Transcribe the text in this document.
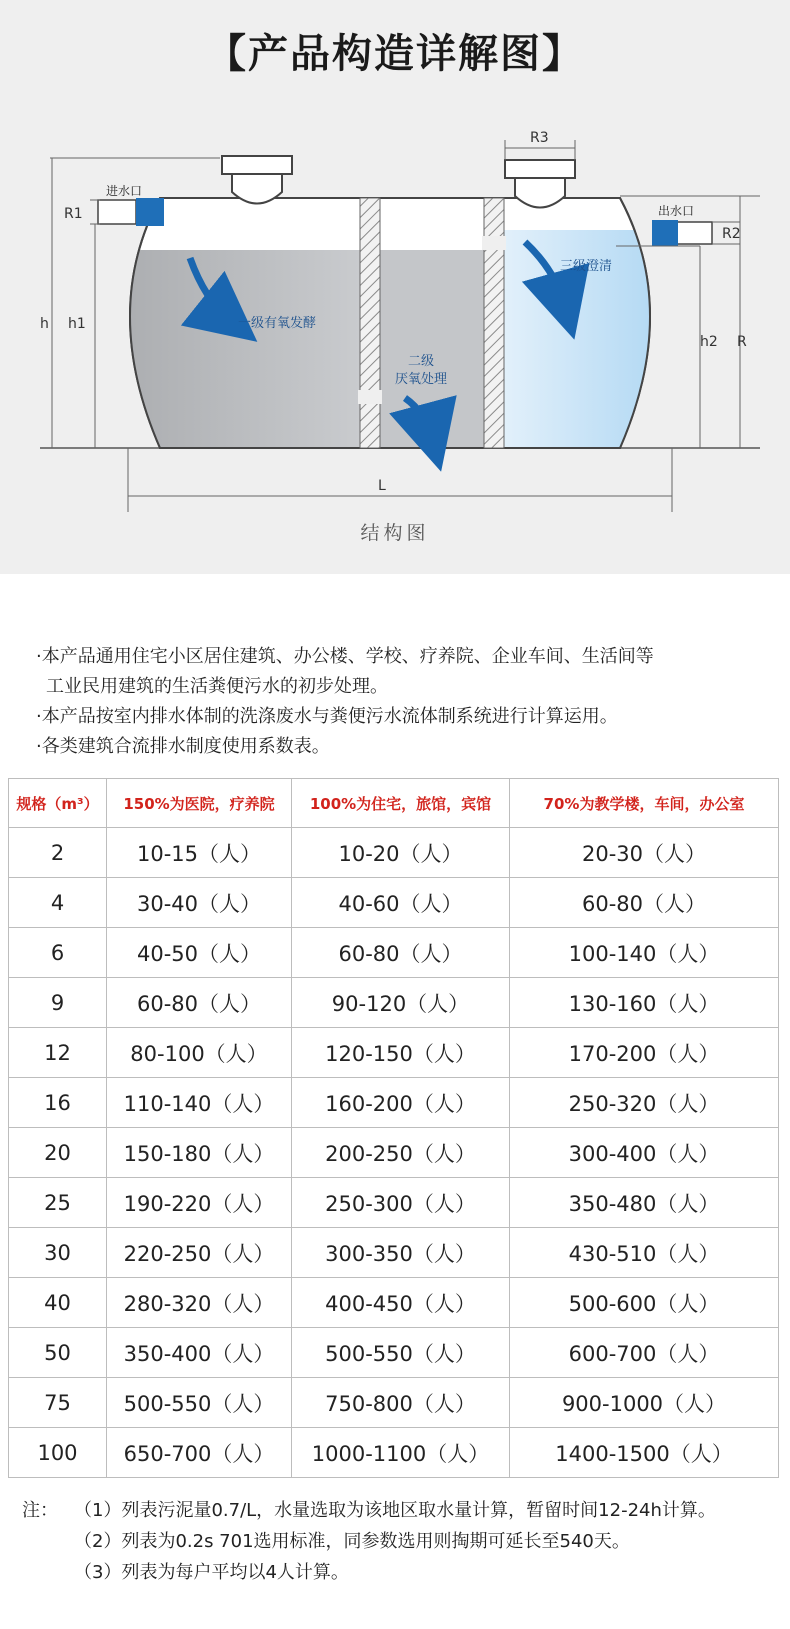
【产品构造详解图】
一级有氧发酵
二级
厌氧处理
三级澄清
进水口
出水口
R1
h h1
R3
R2
h2 R
L
结构图

·本产品通用住宅小区居住建筑、办公楼、学校、疗养院、企业车间、生活间等

工业民用建筑的生活粪便污水的初步处理。

·本产品按室内排水体制的洗涤废水与粪便污水流体制系统进行计算运用。

·各类建筑合流排水制度使用系数表。

规格（m³）	150%为医院，疗养院	100%为住宅，旅馆，宾馆	70%为教学楼，车间，办公室
2	10-15（人）	10-20（人）	20-30（人）
4	30-40（人）	40-60（人）	60-80（人）
6	40-50（人）	60-80（人）	100-140（人）
9	60-80（人）	90-120（人）	130-160（人）
12	80-100（人）	120-150（人）	170-200（人）
16	110-140（人）	160-200（人）	250-320（人）
20	150-180（人）	200-250（人）	300-400（人）
25	190-220（人）	250-300（人）	350-480（人）
30	220-250（人）	300-350（人）	430-510（人）
40	280-320（人）	400-450（人）	500-600（人）
50	350-400（人）	500-550（人）	600-700（人）
75	500-550（人）	750-800（人）	900-1000（人）
100	650-700（人）	1000-1100（人）	1400-1500（人）
注： （1）列表污泥量0.7/L，水量选取为该地区取水量计算，暂留时间12-24h计算。
（2）列表为0.2s 701选用标准，同参数选用则掏期可延长至540天。
（3）列表为每户平均以4人计算。
